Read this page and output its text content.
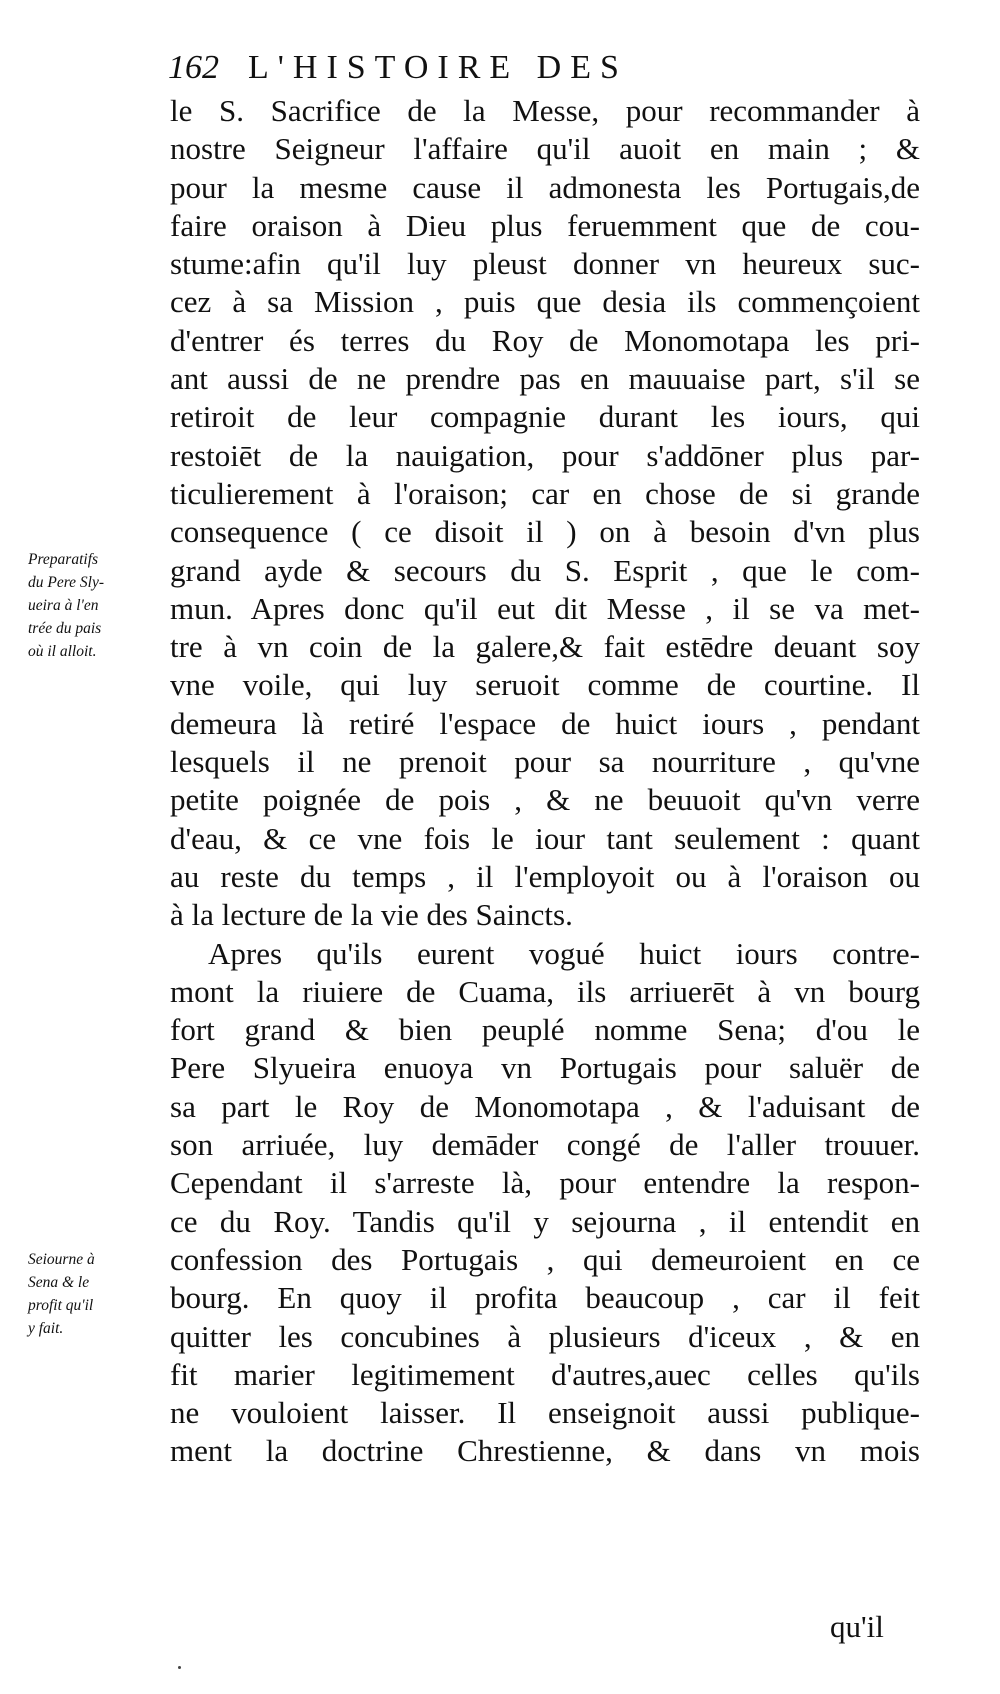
162 L'HISTOIRE DES
Preparatifs
du Pere Sly-
ueira à l'en
trée du pais
où il alloit.
Seiourne à
Sena & le
profit qu'il
y fait.
le S. Sacrifice de la Messe, pour recommander à
nostre Seigneur l'affaire qu'il auoit en main ; &
pour la mesme cause il admonesta les Portugais,de
faire oraison à Dieu plus feruemment que de cou-
stume:afin qu'il luy pleust donner vn heureux suc-
cez à sa Mission , puis que desia ils commençoient
d'entrer és terres du Roy de Monomotapa les pri-
ant aussi de ne prendre pas en mauuaise part, s'il se
retiroit de leur compagnie durant les iours, qui
restoiēt de la nauigation, pour s'addōner plus par-
ticulierement à l'oraison; car en chose de si grande
consequence ( ce disoit il ) on à besoin d'vn plus
grand ayde & secours du S. Esprit , que le com-
mun. Apres donc qu'il eut dit Messe , il se va met-
tre à vn coin de la galere,& fait estēdre deuant soy
vne voile, qui luy seruoit comme de courtine. Il
demeura là retiré l'espace de huict iours , pendant
lesquels il ne prenoit pour sa nourriture , qu'vne
petite poignée de pois , & ne beuuoit qu'vn verre
d'eau, & ce vne fois le iour tant seulement : quant
au reste du temps , il l'employoit ou à l'oraison ou
à la lecture de la vie des Saincts.
Apres qu'ils eurent vogué huict iours contre-
mont la riuiere de Cuama, ils arriuerēt à vn bourg
fort grand & bien peuplé nomme Sena; d'ou le
Pere Slyueira enuoya vn Portugais pour saluër de
sa part le Roy de Monomotapa , & l'aduisant de
son arriuée, luy demāder congé de l'aller trouuer.
Cependant il s'arreste là, pour entendre la respon-
ce du Roy. Tandis qu'il y sejourna , il entendit en
confession des Portugais , qui demeuroient en ce
bourg. En quoy il profita beaucoup , car il feit
quitter les concubines à plusieurs d'iceux , & en
fit marier legitimement d'autres,auec celles qu'ils
ne vouloient laisser. Il enseignoit aussi publique-
ment la doctrine Chrestienne, & dans vn mois
qu'il
